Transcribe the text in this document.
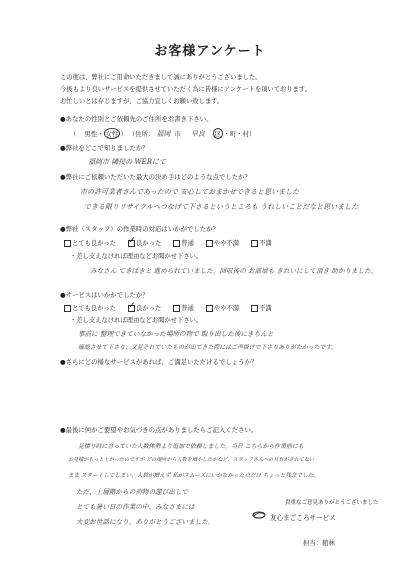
お客様アンケート
この度は、弊社にご用命いただきまして誠にありがとうございました。
今後もより良いサービスを提供させていただく為に皆様にアンケートを頂いております。
お忙しいとは存じますが、ご協力宜しくお願い致します。
●あなたの性別とご依頼先のご住所をお書き下さい。
（ 男性・ 女性 ） （住所： 福岡 市 早良 区 ・町・村）
●弊社をどこで知りましたか？
福岡市 隣接の WEBにて
●弊社にご依頼いただいた最大の決め手はどのような点でしたか？
市の許可業者さんであったので 安心しておまかせできると思いました
できる限りリサイクルへつなげて下さるというところも うれしいことだなと思いました
●弊社（スタッフ）の作業時の対応はいかがでしたか？
とても良かった ✓	良かった	普通	やや不満	不満
・差し支えなければ理由などお聞かせ下さい。
みなさん てきぱきと 進められていました。回収後の お部屋も きれいにして頂き 助かりました。
●サービスはいかがでしたか？
とても良かった ✓	良かった	普通	やや不満	不満
・差し支えなければ理由などお聞かせ下さい。
事前に 整理できていなかった場所の物で 取り出した後にきちんと
確認させて下さり、又見それていたものが出てきた際にはご声掛けで下さりありがたかったです。
●さらにどの様なサービスがあれば、ご満足いただけるでしょうか？
●最後に何かご要望やお気づきの点がありましたらご記入ください。
見積り時に言っていた人数体勢より追加で依頼しました。当日 こちらから作業前にも
お見積がもっと上がったのですが どの場所から人数を増やしたかなど、スタッフさんへの共有がされてない
まま スタートしてしまい、人数が増えず 私がスムーズにいかなかった点だけ ちょっと残念でした。
ただ、上層階からの荷物の運び出しで
とても暑い日の作業の中、みなさまには
大変お世話になり、ありがとうございました。
貴重なご意見ありがとうございました
友心まごころサービス
担当：館林
